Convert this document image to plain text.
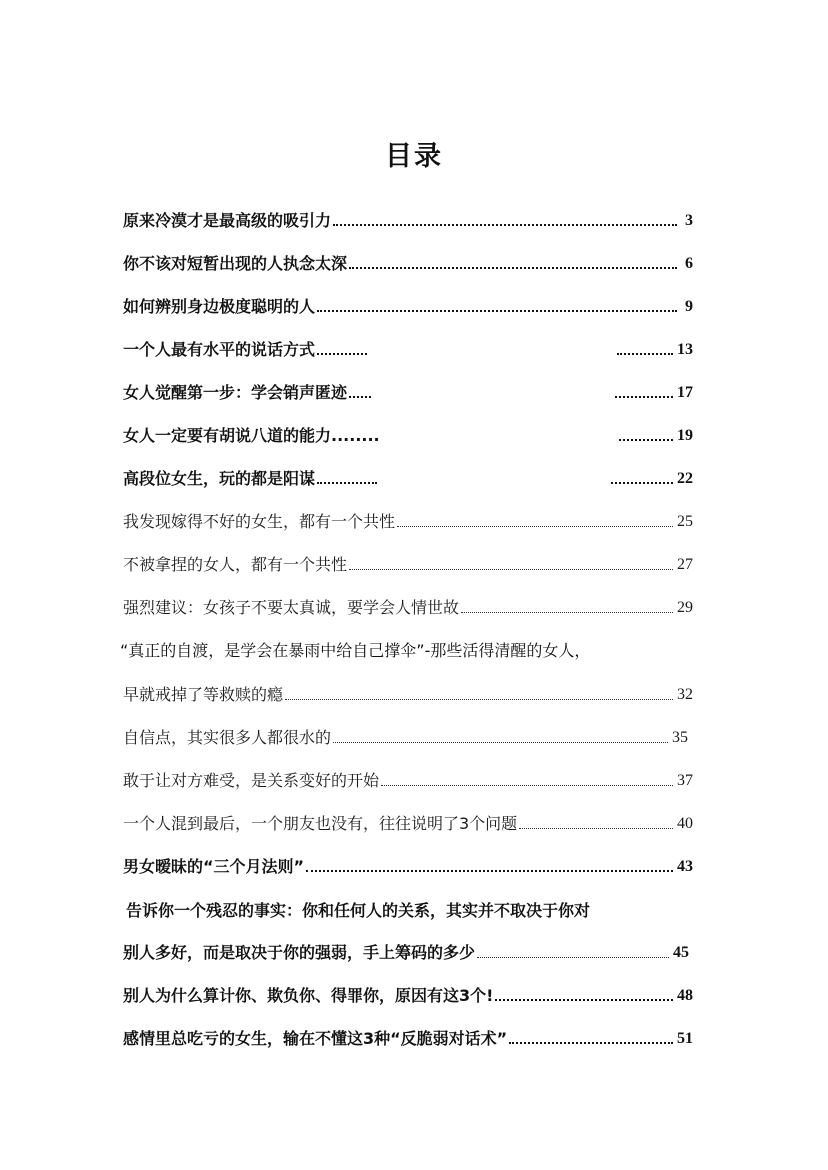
目录
原来冷漠才是最高级的吸引力	3
你不该对短暂出现的人执念太深	6
如何辨别身边极度聪明的人	9
一个人最有水平的说话方式	13
女人觉醒第一步：学会销声匿迹	17
女人一定要有胡说八道的能力........	19
高段位女生，玩的都是阳谋	22
我发现嫁得不好的女生，都有一个共性	25
不被拿捏的女人，都有一个共性	27
强烈建议：女孩子不要太真诚，要学会人情世故	29
“真正的自渡，是学会在暴雨中给自己撑伞”-那些活得清醒的女人，
早就戒掉了等救赎的瘾	32
自信点，其实很多人都很水的	35
敢于让对方难受，是关系变好的开始	37
一个人混到最后，一个朋友也没有，往往说明了3个问题	40
男女暧昧的“三个月法则”	43
告诉你一个残忍的事实：你和任何人的关系，其实并不取决于你对
别人多好，而是取决于你的强弱，手上筹码的多少	45
别人为什么算计你、欺负你、得罪你，原因有这3个!	48
感情里总吃亏的女生，输在不懂这3种“反脆弱对话术”	51
